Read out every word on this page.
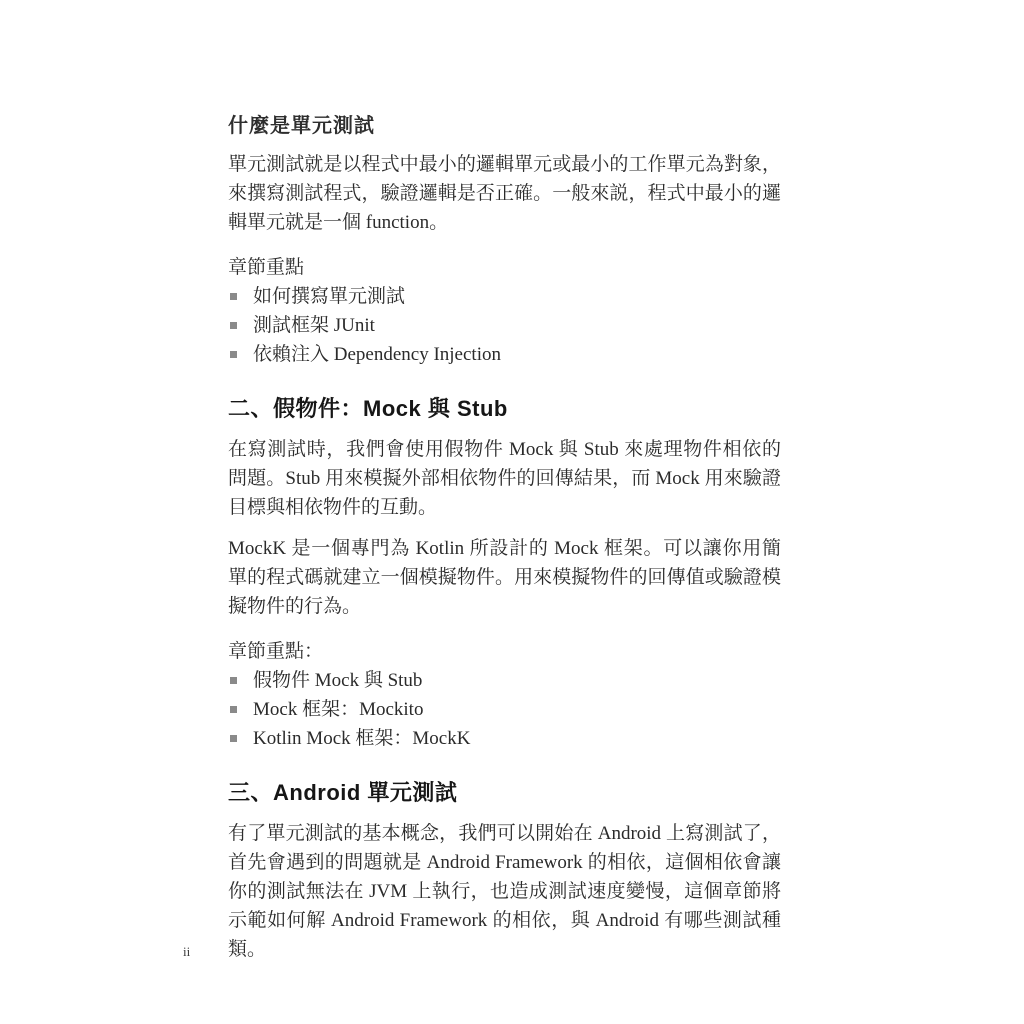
什麼是單元測試

單元測試就是以程式中最小的邏輯單元或最小的工作單元為對象，來撰寫測試程式，驗證邏輯是否正確。一般來説，程式中最小的邏輯單元就是一個 function。

章節重點

如何撰寫單元測試
測試框架 JUnit
依賴注入 Dependency Injection
二、假物件：Mock 與 Stub

在寫測試時，我們會使用假物件 Mock 與 Stub 來處理物件相依的問題。Stub 用來模擬外部相依物件的回傳結果，而 Mock 用來驗證目標與相依物件的互動。

MockK 是一個專門為 Kotlin 所設計的 Mock 框架。可以讓你用簡單的程式碼就建立一個模擬物件。用來模擬物件的回傳值或驗證模擬物件的行為。

章節重點：

假物件 Mock 與 Stub
Mock 框架：Mockito
Kotlin Mock 框架：MockK
三、Android 單元測試

有了單元測試的基本概念，我們可以開始在 Android 上寫測試了，首先會遇到的問題就是 Android Framework 的相依，這個相依會讓你的測試無法在 JVM 上執行，也造成測試速度變慢，這個章節將示範如何解 Android Framework 的相依，與 Android 有哪些測試種類。

ii
